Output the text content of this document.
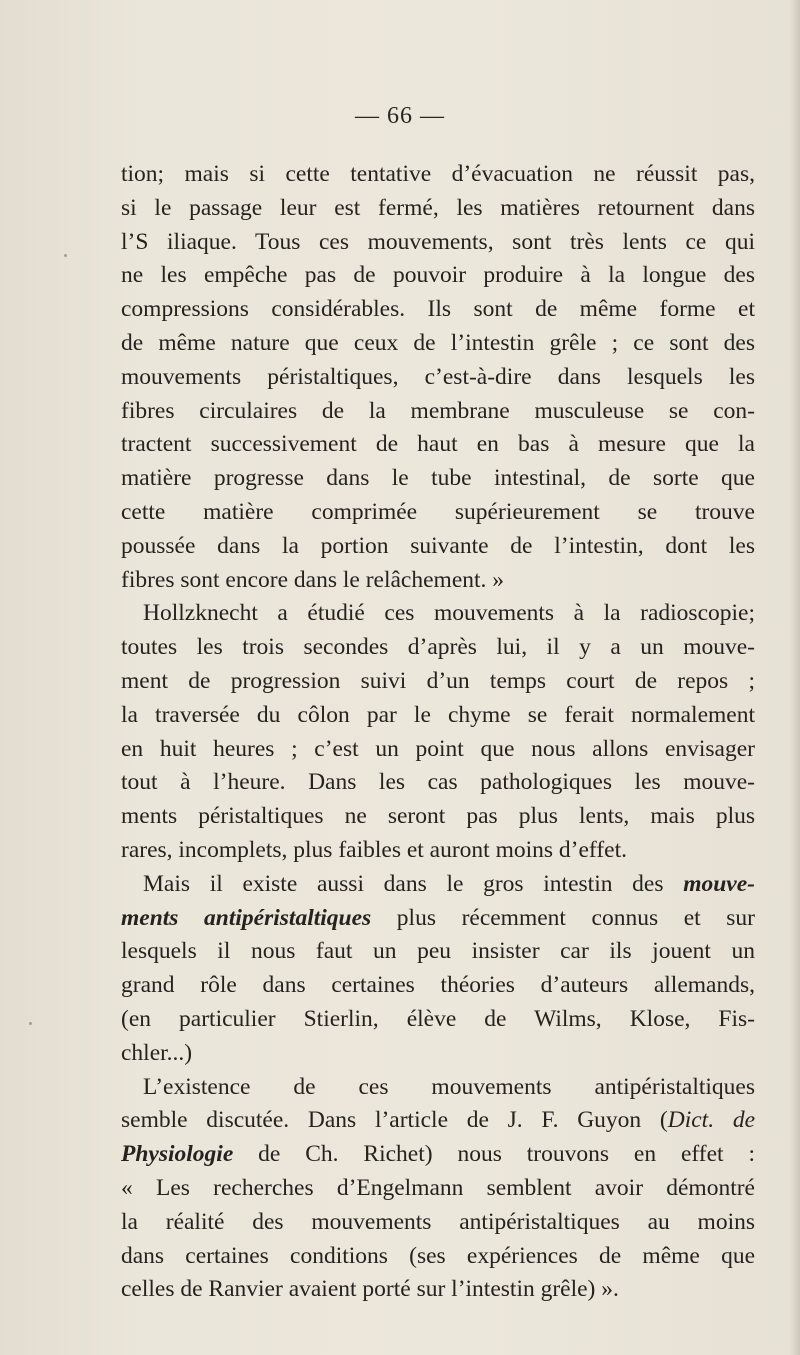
— 66 —
tion; mais si cette tentative d’évacuation ne réussit pas,
si le passage leur est fermé, les matières retournent dans
l’S iliaque. Tous ces mouvements, sont très lents ce qui
ne les empêche pas de pouvoir produire à la longue des
compressions considérables. Ils sont de même forme et
de même nature que ceux de l’intestin grêle ; ce sont des
mouvements péristaltiques, c’est-à-dire dans lesquels les
fibres circulaires de la membrane musculeuse se con-
tractent successivement de haut en bas à mesure que la
matière progresse dans le tube intestinal, de sorte que
cette matière comprimée supérieurement se trouve
poussée dans la portion suivante de l’intestin, dont les
fibres sont encore dans le relâchement. »
Hollzknecht a étudié ces mouvements à la radioscopie;
toutes les trois secondes d’après lui, il y a un mouve-
ment de progression suivi d’un temps court de repos ;
la traversée du côlon par le chyme se ferait normalement
en huit heures ; c’est un point que nous allons envisager
tout à l’heure. Dans les cas pathologiques les mouve-
ments péristaltiques ne seront pas plus lents, mais plus
rares, incomplets, plus faibles et auront moins d’effet.
Mais il existe aussi dans le gros intestin des mouve-
ments antipéristaltiques plus récemment connus et sur
lesquels il nous faut un peu insister car ils jouent un
grand rôle dans certaines théories d’auteurs allemands,
(en particulier Stierlin, élève de Wilms, Klose, Fis-
chler...)
L’existence de ces mouvements antipéristaltiques
semble discutée. Dans l’article de J. F. Guyon (Dict. de
Physiologie de Ch. Richet) nous trouvons en effet :
« Les recherches d’Engelmann semblent avoir démontré
la réalité des mouvements antipéristaltiques au moins
dans certaines conditions (ses expériences de même que
celles de Ranvier avaient porté sur l’intestin grêle) ».
